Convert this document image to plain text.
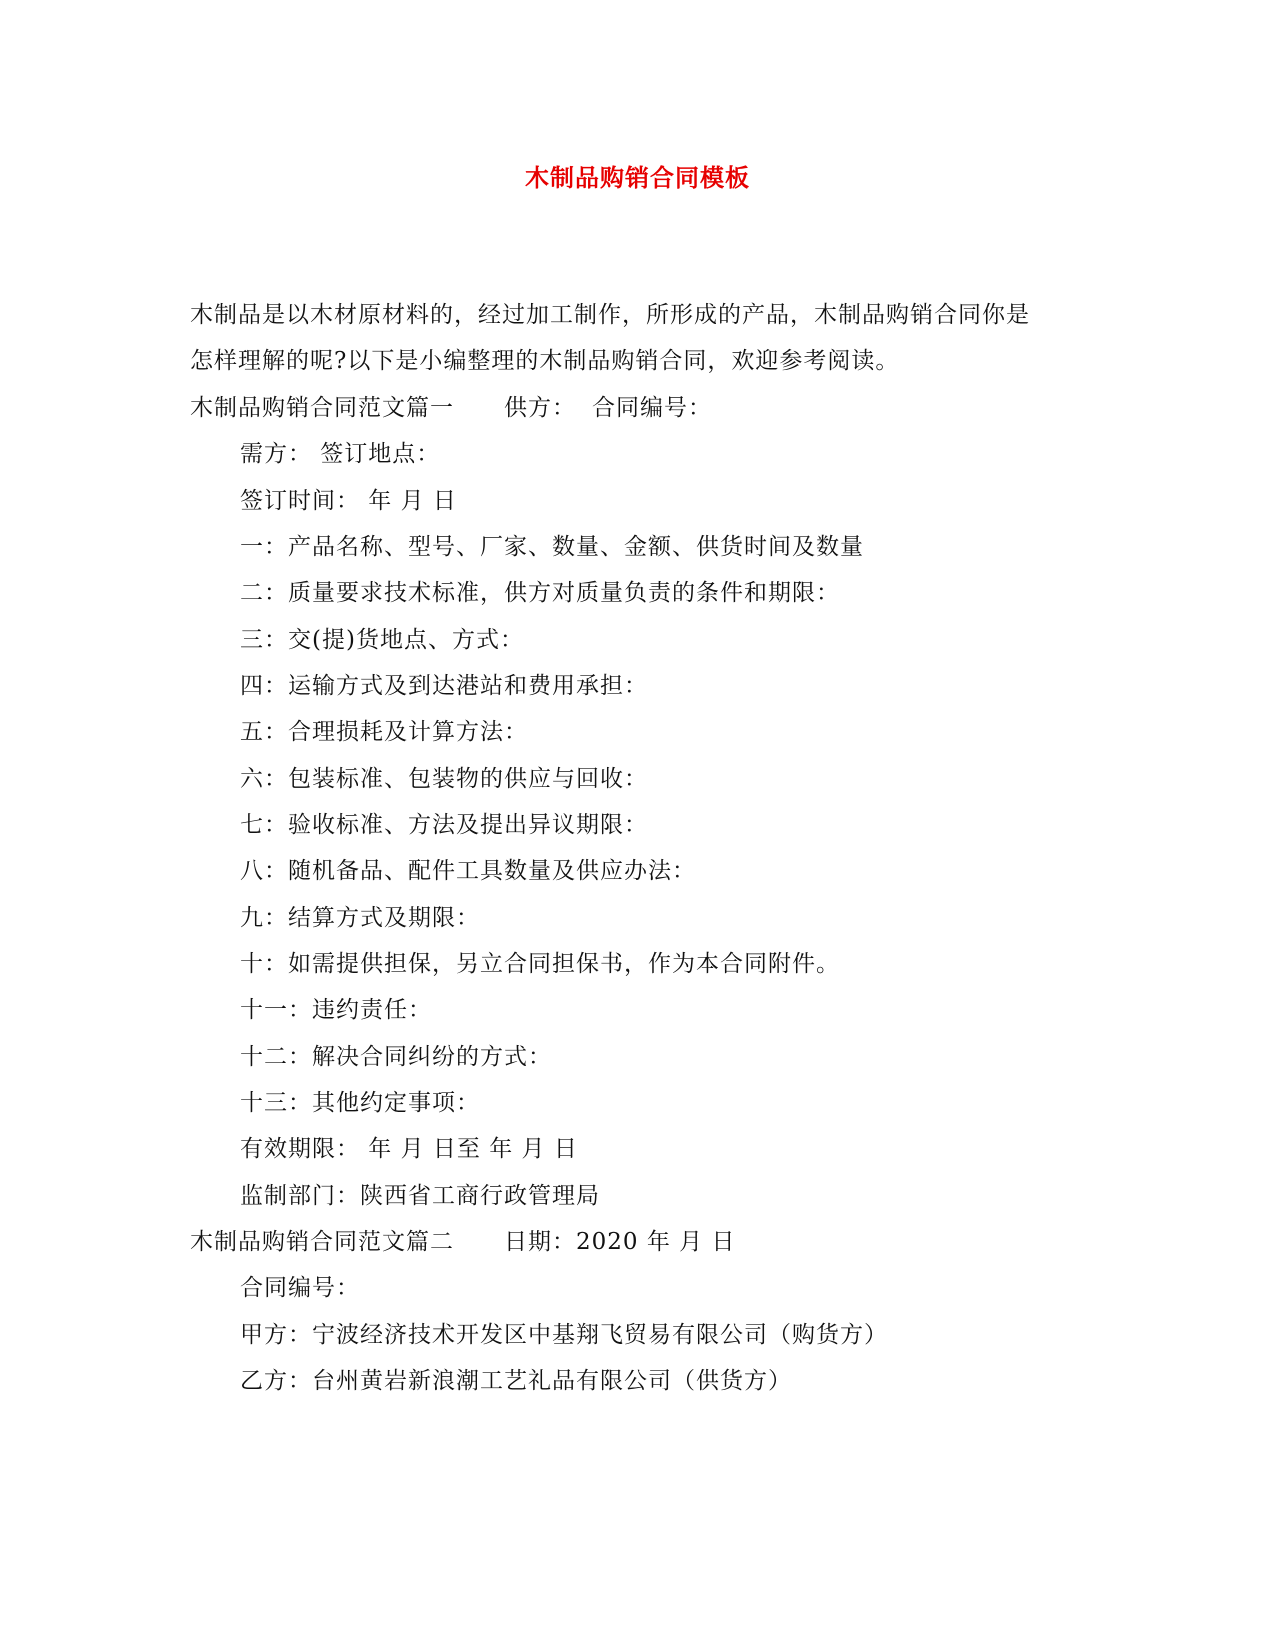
木制品购销合同模板
木制品是以木材原材料的，经过加工制作，所形成的产品，木制品购销合同你是
怎样理解的呢?以下是小编整理的木制品购销合同，欢迎参考阅读。
木制品购销合同范文篇一 供方： 合同编号：
需方： 签订地点：
签订时间： 年 月 日
一：产品名称、型号、厂家、数量、金额、供货时间及数量
二：质量要求技术标准，供方对质量负责的条件和期限：
三：交(提)货地点、方式：
四：运输方式及到达港站和费用承担：
五：合理损耗及计算方法：
六：包装标准、包装物的供应与回收：
七：验收标准、方法及提出异议期限：
八：随机备品、配件工具数量及供应办法：
九：结算方式及期限：
十：如需提供担保，另立合同担保书，作为本合同附件。
十一：违约责任：
十二：解决合同纠纷的方式：
十三：其他约定事项：
有效期限： 年 月 日至 年 月 日
监制部门：陕西省工商行政管理局
木制品购销合同范文篇二 日期：2020 年 月 日
合同编号：
甲方：宁波经济技术开发区中基翔飞贸易有限公司（购货方）
乙方：台州黄岩新浪潮工艺礼品有限公司（供货方）
